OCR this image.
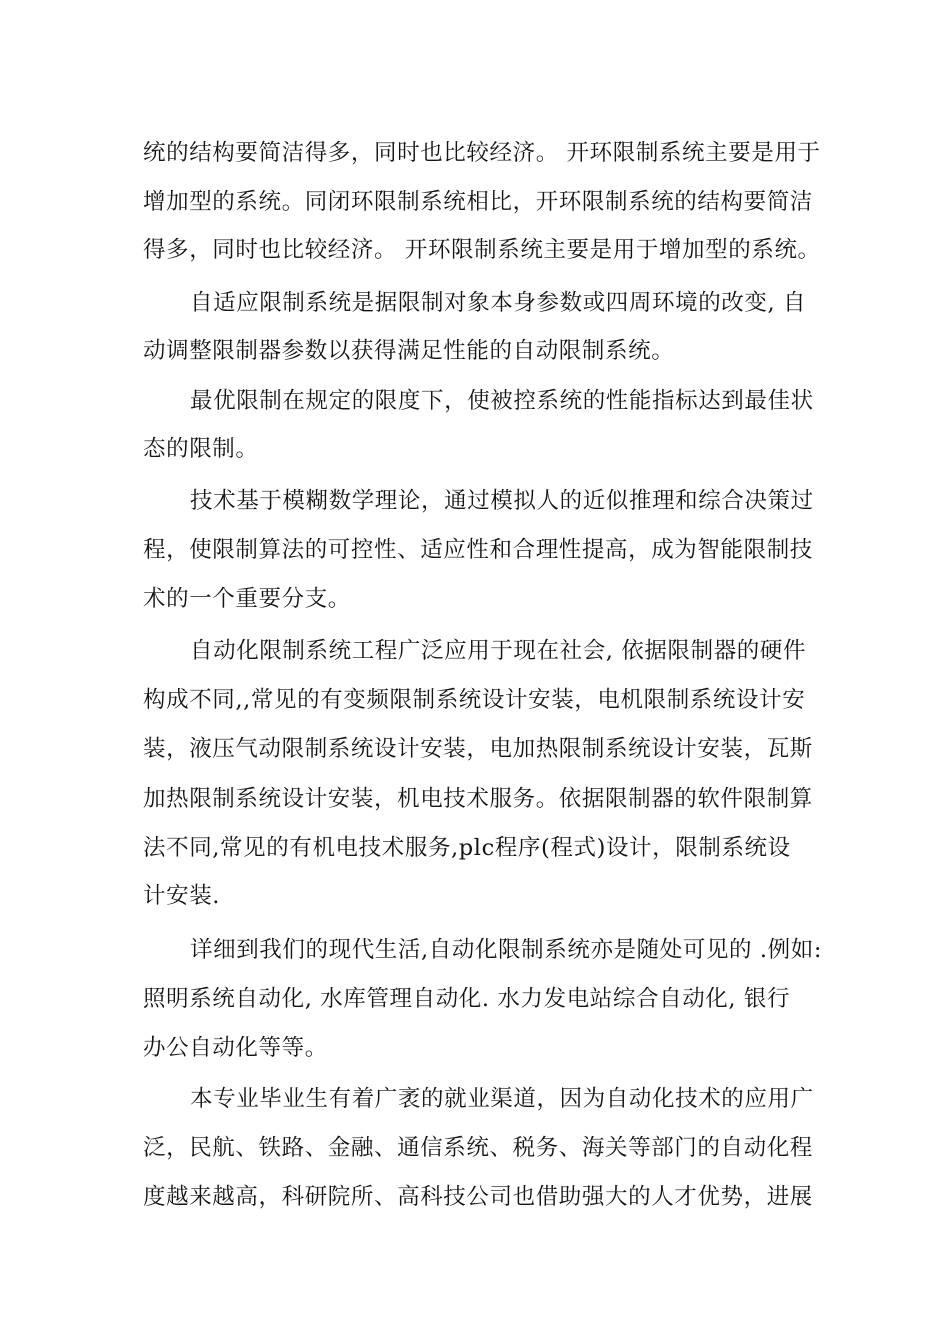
统的结构要简洁得多，同时也比较经济。 开环限制系统主要是用于
增加型的系统。同闭环限制系统相比，开环限制系统的结构要简洁
得多，同时也比较经济。 开环限制系统主要是用于增加型的系统。
自适应限制系统是据限制对象本身参数或四周环境的改变, 自
动调整限制器参数以获得满足性能的自动限制系统。
最优限制在规定的限度下，使被控系统的性能指标达到最佳状
态的限制。
技术基于模糊数学理论，通过模拟人的近似推理和综合决策过
程，使限制算法的可控性、适应性和合理性提高，成为智能限制技
术的一个重要分支。
自动化限制系统工程广泛应用于现在社会, 依据限制器的硬件
构成不同,,常见的有变频限制系统设计安装，电机限制系统设计安
装，液压气动限制系统设计安装，电加热限制系统设计安装，瓦斯
加热限制系统设计安装，机电技术服务。依据限制器的软件限制算
法不同,常见的有机电技术服务,plc程序(程式)设计，限制系统设
计安装.
详细到我们的现代生活,自动化限制系统亦是随处可见的 .例如:
照明系统自动化, 水库管理自动化. 水力发电站综合自动化, 银行
办公自动化等等。
本专业毕业生有着广袤的就业渠道，因为自动化技术的应用广
泛，民航、铁路、金融、通信系统、税务、海关等部门的自动化程
度越来越高，科研院所、高科技公司也借助强大的人才优势，进展
